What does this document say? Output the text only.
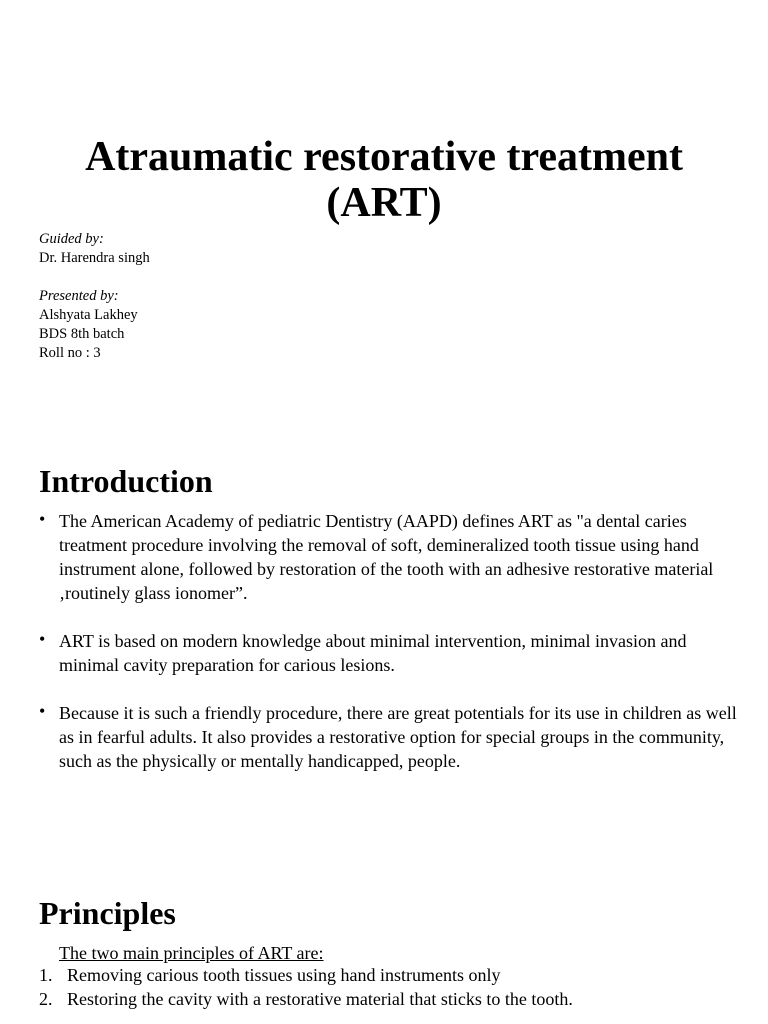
Atraumatic restorative treatment
(ART)
Guided by:
Dr. Harendra singh
Presented by:
Alshyata Lakhey
BDS 8th batch
Roll no : 3
Introduction
• The American Academy of pediatric Dentistry (AAPD) defines ART as "a dental caries treatment procedure involving the removal of soft, demineralized tooth tissue using hand instrument alone, followed by restoration of the tooth with an adhesive restorative material ‚routinely glass ionomer”.
• ART is based on modern knowledge about minimal intervention, minimal invasion and minimal cavity preparation for carious lesions.
• Because it is such a friendly procedure, there are great potentials for its use in children as well as in fearful adults. It also provides a restorative option for special groups in the community, such as the physically or mentally handicapped, people.
Principles
The two main principles of ART are:
1. Removing carious tooth tissues using hand instruments only
2. Restoring the cavity with a restorative material that sticks to the tooth.
